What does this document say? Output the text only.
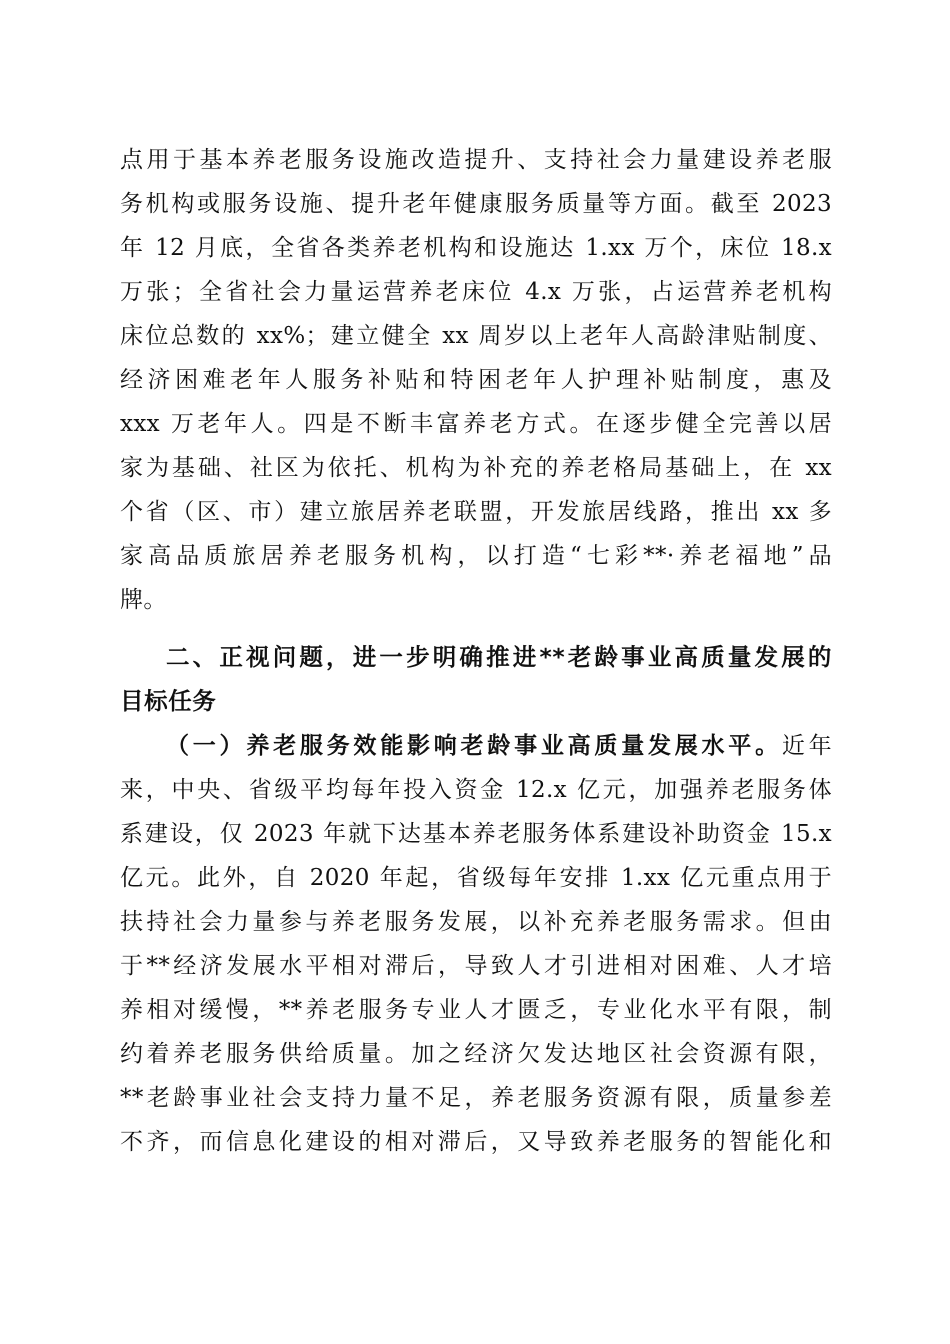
点用于基本养老服务设施改造提升、支持社会力量建设养老服
务机构或服务设施、提升老年健康服务质量等方面。截至 2023
年 12 月底，全省各类养老机构和设施达 1.xx 万个，床位 18.x
万张；全省社会力量运营养老床位 4.x 万张，占运营养老机构
床位总数的 xx%；建立健全 xx 周岁以上老年人高龄津贴制度、
经济困难老年人服务补贴和特困老年人护理补贴制度，惠及
xxx 万老年人。四是不断丰富养老方式。在逐步健全完善以居
家为基础、社区为依托、机构为补充的养老格局基础上，在 xx
个省（区、市）建立旅居养老联盟，开发旅居线路，推出 xx 多
家高品质旅居养老服务机构，以打造“七彩**·养老福地”品
牌。
二、正视问题，进一步明确推进**老龄事业高质量发展的
目标任务
（一）养老服务效能影响老龄事业高质量发展水平。近年
来，中央、省级平均每年投入资金 12.x 亿元，加强养老服务体
系建设，仅 2023 年就下达基本养老服务体系建设补助资金 15.x
亿元。此外，自 2020 年起，省级每年安排 1.xx 亿元重点用于
扶持社会力量参与养老服务发展，以补充养老服务需求。但由
于**经济发展水平相对滞后，导致人才引进相对困难、人才培
养相对缓慢，**养老服务专业人才匮乏，专业化水平有限，制
约着养老服务供给质量。加之经济欠发达地区社会资源有限，
**老龄事业社会支持力量不足，养老服务资源有限，质量参差
不齐，而信息化建设的相对滞后，又导致养老服务的智能化和
